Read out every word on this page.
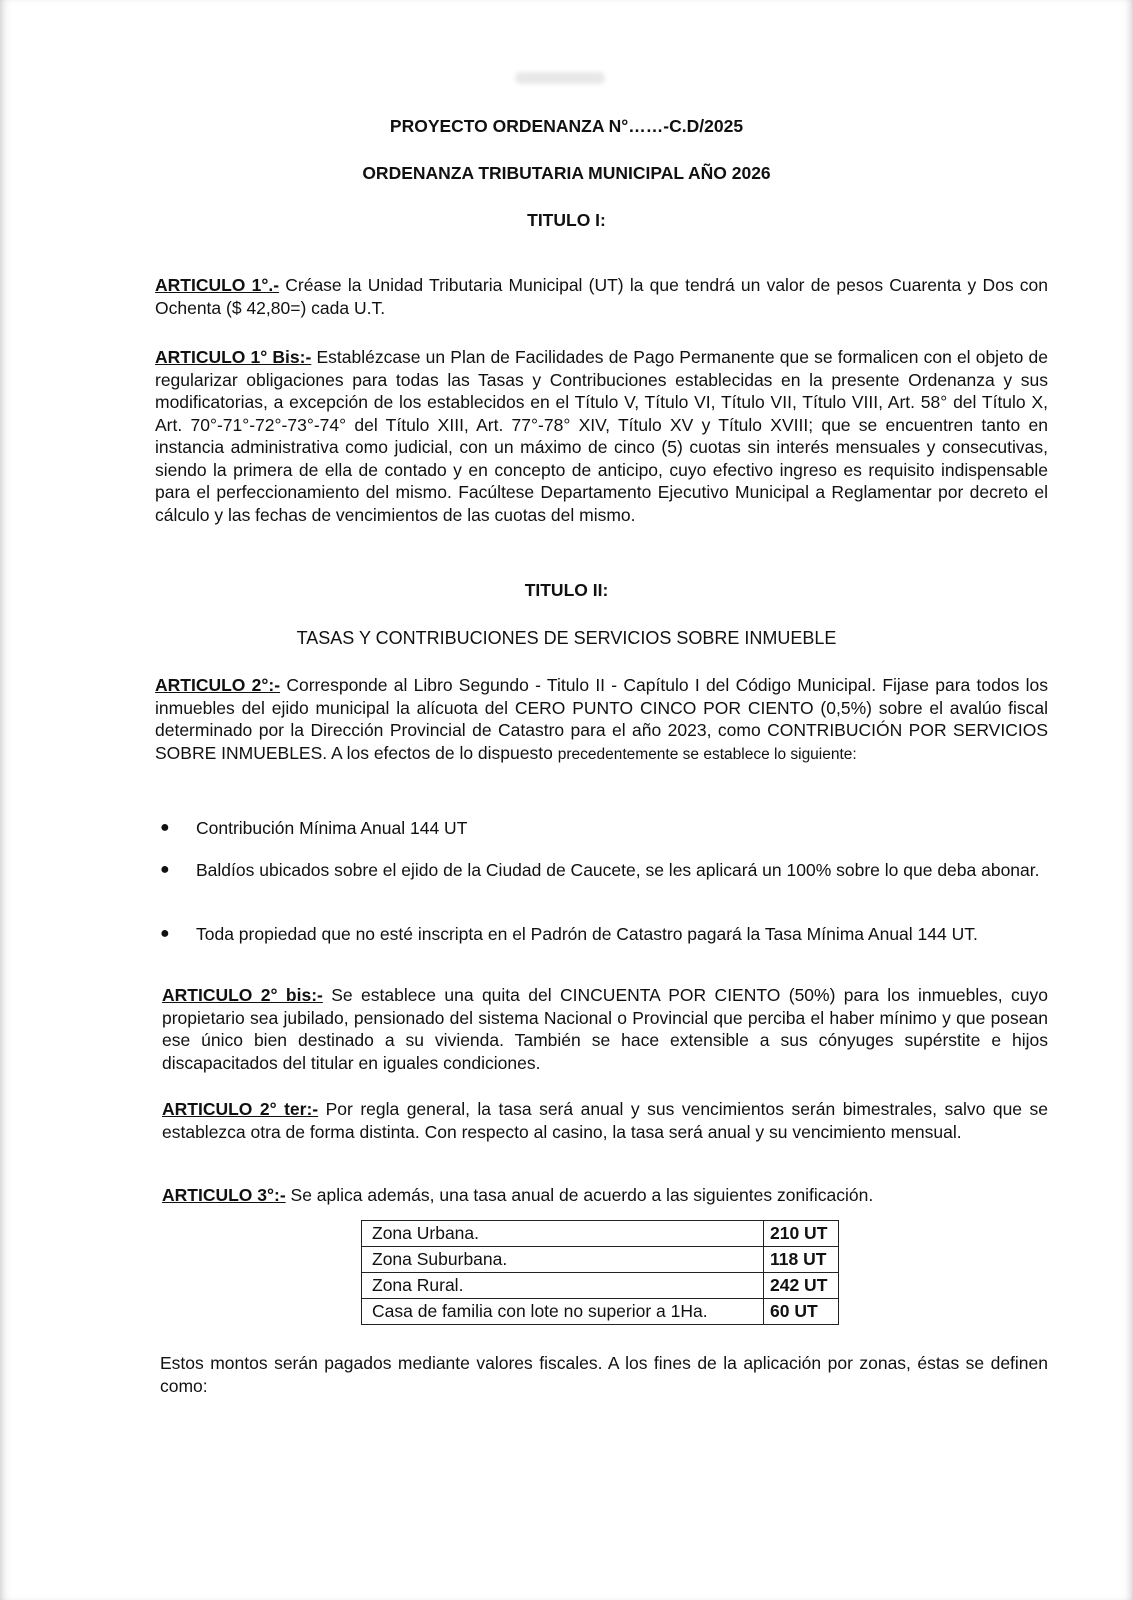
PROYECTO ORDENANZA N°……-C.D/2025
ORDENANZA TRIBUTARIA MUNICIPAL AÑO 2026
TITULO I:
ARTICULO 1°.- Créase la Unidad Tributaria Municipal (UT) la que tendrá un valor de pesos Cuarenta y Dos con Ochenta ($ 42,80=) cada U.T.
ARTICULO 1° Bis:- Establézcase un Plan de Facilidades de Pago Permanente que se formalicen con el objeto de regularizar obligaciones para todas las Tasas y Contribuciones establecidas en la presente Ordenanza y sus modificatorias, a excepción de los establecidos en el Título V, Título VI, Título VII, Título VIII, Art. 58° del Título X, Art. 70°-71°-72°-73°-74° del Título XIII, Art. 77°-78° XIV, Título XV y Título XVIII; que se encuentren tanto en instancia administrativa como judicial, con un máximo de cinco (5) cuotas sin interés mensuales y consecutivas, siendo la primera de ella de contado y en concepto de anticipo, cuyo efectivo ingreso es requisito indispensable para el perfeccionamiento del mismo. Facúltese Departamento Ejecutivo Municipal a Reglamentar por decreto el cálculo y las fechas de vencimientos de las cuotas del mismo.
TITULO II:
TASAS Y CONTRIBUCIONES DE SERVICIOS SOBRE INMUEBLE
ARTICULO 2°:- Corresponde al Libro Segundo - Titulo II - Capítulo I del Código Municipal. Fijase para todos los inmuebles del ejido municipal la alícuota del CERO PUNTO CINCO POR CIENTO (0,5%) sobre el avalúo fiscal determinado por la Dirección Provincial de Catastro para el año 2023, como CONTRIBUCIÓN POR SERVICIOS SOBRE INMUEBLES. A los efectos de lo dispuesto precedentemente se establece lo siguiente:
● Contribución Mínima Anual 144 UT
● Baldíos ubicados sobre el ejido de la Ciudad de Caucete, se les aplicará un 100% sobre lo que deba abonar.
● Toda propiedad que no esté inscripta en el Padrón de Catastro pagará la Tasa Mínima Anual 144 UT.
ARTICULO 2° bis:- Se establece una quita del CINCUENTA POR CIENTO (50%) para los inmuebles, cuyo propietario sea jubilado, pensionado del sistema Nacional o Provincial que perciba el haber mínimo y que posean ese único bien destinado a su vivienda. También se hace extensible a sus cónyuges supérstite e hijos discapacitados del titular en iguales condiciones.
ARTICULO 2° ter:- Por regla general, la tasa será anual y sus vencimientos serán bimestrales, salvo que se establezca otra de forma distinta. Con respecto al casino, la tasa será anual y su vencimiento mensual.
ARTICULO 3°:- Se aplica además, una tasa anual de acuerdo a las siguientes zonificación.
Zona Urbana.	210 UT
Zona Suburbana.	118 UT
Zona Rural.	242 UT
Casa de familia con lote no superior a 1Ha.	60 UT
Estos montos serán pagados mediante valores fiscales. A los fines de la aplicación por zonas, éstas se definen como:
